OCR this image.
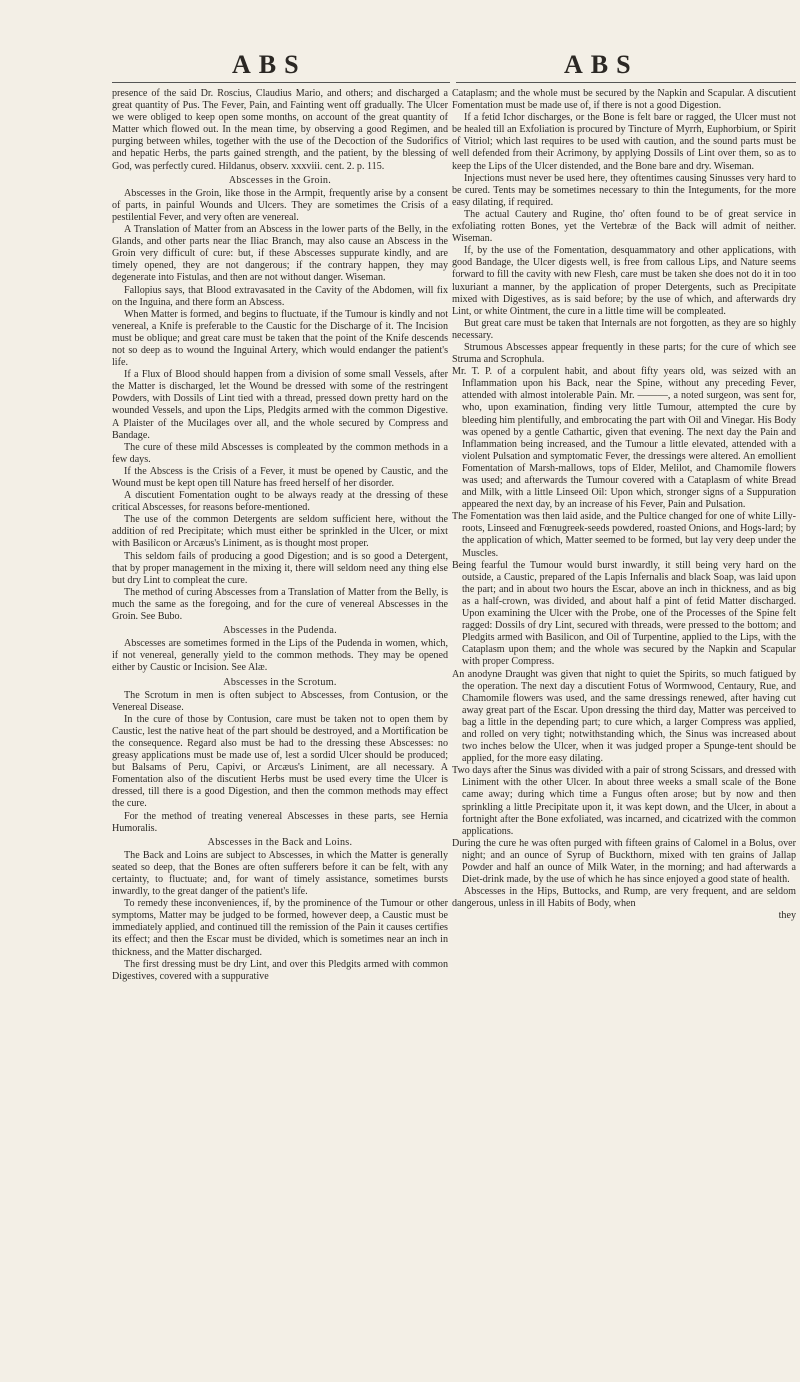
ABS	ABS

presence of the said Dr. Roscius, Claudius Mario, and others; and discharged a great quantity of Pus. The Fever, Pain, and Fainting went off gradually. The Ulcer we were obliged to keep open some months, on account of the great quantity of Matter which flowed out. In the mean time, by observing a good Regimen, and purging between whiles, together with the use of the Decoction of the Sudorifics and hepatic Herbs, the parts gained strength, and the patient, by the blessing of God, was perfectly cured. Hildanus, observ. xxxviii. cent. 2. p. 115.

Abscesses in the Groin.

Abscesses in the Groin, like those in the Armpit, frequently arise by a consent of parts, in painful Wounds and Ulcers. They are sometimes the Crisis of a pestilential Fever, and very often are venereal.

A Translation of Matter from an Abscess in the lower parts of the Belly, in the Glands, and other parts near the Iliac Branch, may also cause an Abscess in the Groin very difficult of cure: but, if these Abscesses suppurate kindly, and are timely opened, they are not dangerous; if the contrary happen, they may degenerate into Fistulas, and then are not without danger. Wiseman.

Fallopius says, that Blood extravasated in the Cavity of the Abdomen, will fix on the Inguina, and there form an Abscess.

When Matter is formed, and begins to fluctuate, if the Tumour is kindly and not venereal, a Knife is preferable to the Caustic for the Discharge of it. The Incision must be oblique; and great care must be taken that the point of the Knife descends not so deep as to wound the Inguinal Artery, which would endanger the patient's life.

If a Flux of Blood should happen from a division of some small Vessels, after the Matter is discharged, let the Wound be dressed with some of the restringent Powders, with Dossils of Lint tied with a thread, pressed down pretty hard on the wounded Vessels, and upon the Lips, Pledgits armed with the common Digestive. A Plaister of the Mucilages over all, and the whole secured by Compress and Bandage.

The cure of these mild Abscesses is compleated by the common methods in a few days.

If the Abscess is the Crisis of a Fever, it must be opened by Caustic, and the Wound must be kept open till Nature has freed herself of her disorder.

A discutient Fomentation ought to be always ready at the dressing of these critical Abscesses, for reasons before-mentioned.

The use of the common Detergents are seldom sufficient here, without the addition of red Precipitate; which must either be sprinkled in the Ulcer, or mixt with Basilicon or Arcæus's Liniment, as is thought most proper.

This seldom fails of producing a good Digestion; and is so good a Detergent, that by proper management in the mixing it, there will seldom need any thing else but dry Lint to compleat the cure.

The method of curing Abscesses from a Translation of Matter from the Belly, is much the same as the foregoing, and for the cure of venereal Abscesses in the Groin. See Bubo.

Abscesses in the Pudenda.

Abscesses are sometimes formed in the Lips of the Pudenda in women, which, if not venereal, generally yield to the common methods. They may be opened either by Caustic or Incision. See Alæ.

Abscesses in the Scrotum.

The Scrotum in men is often subject to Abscesses, from Contusion, or the Venereal Disease.

In the cure of those by Contusion, care must be taken not to open them by Caustic, lest the native heat of the part should be destroyed, and a Mortification be the consequence. Regard also must be had to the dressing these Abscesses: no greasy applications must be made use of, lest a sordid Ulcer should be produced; but Balsams of Peru, Capivi, or Arcæus's Liniment, are all necessary. A Fomentation also of the discutient Herbs must be used every time the Ulcer is dressed, till there is a good Digestion, and then the common methods may effect the cure.

For the method of treating venereal Abscesses in these parts, see Hernia Humoralis.

Abscesses in the Back and Loins.

The Back and Loins are subject to Abscesses, in which the Matter is generally seated so deep, that the Bones are often sufferers before it can be felt, with any certainty, to fluctuate; and, for want of timely assistance, sometimes bursts inwardly, to the great danger of the patient's life.

To remedy these inconveniences, if, by the prominence of the Tumour or other symptoms, Matter may be judged to be formed, however deep, a Caustic must be immediately applied, and continued till the remission of the Pain it causes certifies its effect; and then the Escar must be divided, which is sometimes near an inch in thickness, and the Matter discharged.

The first dressing must be dry Lint, and over this Pledgits armed with common Digestives, covered with a suppurative

Cataplasm; and the whole must be secured by the Napkin and Scapular. A discutient Fomentation must be made use of, if there is not a good Digestion.

If a fetid Ichor discharges, or the Bone is felt bare or ragged, the Ulcer must not be healed till an Exfoliation is procured by Tincture of Myrrh, Euphorbium, or Spirit of Vitriol; which last requires to be used with caution, and the sound parts must be well defended from their Acrimony, by applying Dossils of Lint over them, so as to keep the Lips of the Ulcer distended, and the Bone bare and dry. Wiseman.

Injections must never be used here, they oftentimes causing Sinusses very hard to be cured. Tents may be sometimes necessary to thin the Integuments, for the more easy dilating, if required.

The actual Cautery and Rugine, tho' often found to be of great service in exfoliating rotten Bones, yet the Vertebræ of the Back will admit of neither. Wiseman.

If, by the use of the Fomentation, desquammatory and other applications, with good Bandage, the Ulcer digests well, is free from callous Lips, and Nature seems forward to fill the cavity with new Flesh, care must be taken she does not do it in too luxuriant a manner, by the application of proper Detergents, such as Precipitate mixed with Digestives, as is said before; by the use of which, and afterwards dry Lint, or white Ointment, the cure in a little time will be compleated.

But great care must be taken that Internals are not forgotten, as they are so highly necessary.

Strumous Abscesses appear frequently in these parts; for the cure of which see Struma and Scrophula.

Mr. T. P. of a corpulent habit, and about fifty years old, was seized with an Inflammation upon his Back, near the Spine, without any preceding Fever, attended with almost intolerable Pain. Mr. ———, a noted surgeon, was sent for, who, upon examination, finding very little Tumour, attempted the cure by bleeding him plentifully, and embrocating the part with Oil and Vinegar. His Body was opened by a gentle Cathartic, given that evening. The next day the Pain and Inflammation being increased, and the Tumour a little elevated, attended with a violent Pulsation and symptomatic Fever, the dressings were altered. An emollient Fomentation of Marsh-mallows, tops of Elder, Melilot, and Chamomile flowers was used; and afterwards the Tumour covered with a Cataplasm of white Bread and Milk, with a little Linseed Oil: Upon which, stronger signs of a Suppuration appeared the next day, by an increase of his Fever, Pain and Pulsation.

The Fomentation was then laid aside, and the Pultice changed for one of white Lilly-roots, Linseed and Fœnugreek-seeds powdered, roasted Onions, and Hogs-lard; by the application of which, Matter seemed to be formed, but lay very deep under the Muscles.

Being fearful the Tumour would burst inwardly, it still being very hard on the outside, a Caustic, prepared of the Lapis Infernalis and black Soap, was laid upon the part; and in about two hours the Escar, above an inch in thickness, and as big as a half-crown, was divided, and about half a pint of fetid Matter discharged. Upon examining the Ulcer with the Probe, one of the Processes of the Spine felt ragged: Dossils of dry Lint, secured with threads, were pressed to the bottom; and Pledgits armed with Basilicon, and Oil of Turpentine, applied to the Lips, with the Cataplasm upon them; and the whole was secured by the Napkin and Scapular with proper Compress.

An anodyne Draught was given that night to quiet the Spirits, so much fatigued by the operation. The next day a discutient Fotus of Wormwood, Centaury, Rue, and Chamomile flowers was used, and the same dressings renewed, after having cut away great part of the Escar. Upon dressing the third day, Matter was perceived to bag a little in the depending part; to cure which, a larger Compress was applied, and rolled on very tight; notwithstanding which, the Sinus was increased about two inches below the Ulcer, when it was judged proper a Spunge-tent should be applied, for the more easy dilating.

Two days after the Sinus was divided with a pair of strong Scissars, and dressed with Liniment with the other Ulcer. In about three weeks a small scale of the Bone came away; during which time a Fungus often arose; but by now and then sprinkling a little Precipitate upon it, it was kept down, and the Ulcer, in about a fortnight after the Bone exfoliated, was incarned, and cicatrized with the common applications.

During the cure he was often purged with fifteen grains of Calomel in a Bolus, over night; and an ounce of Syrup of Buckthorn, mixed with ten grains of Jallap Powder and half an ounce of Milk Water, in the morning; and had afterwards a Diet-drink made, by the use of which he has since enjoyed a good state of health.

Abscesses in the Hips, Buttocks, and Rump, are very frequent, and are seldom dangerous, unless in ill Habits of Body, when

they
